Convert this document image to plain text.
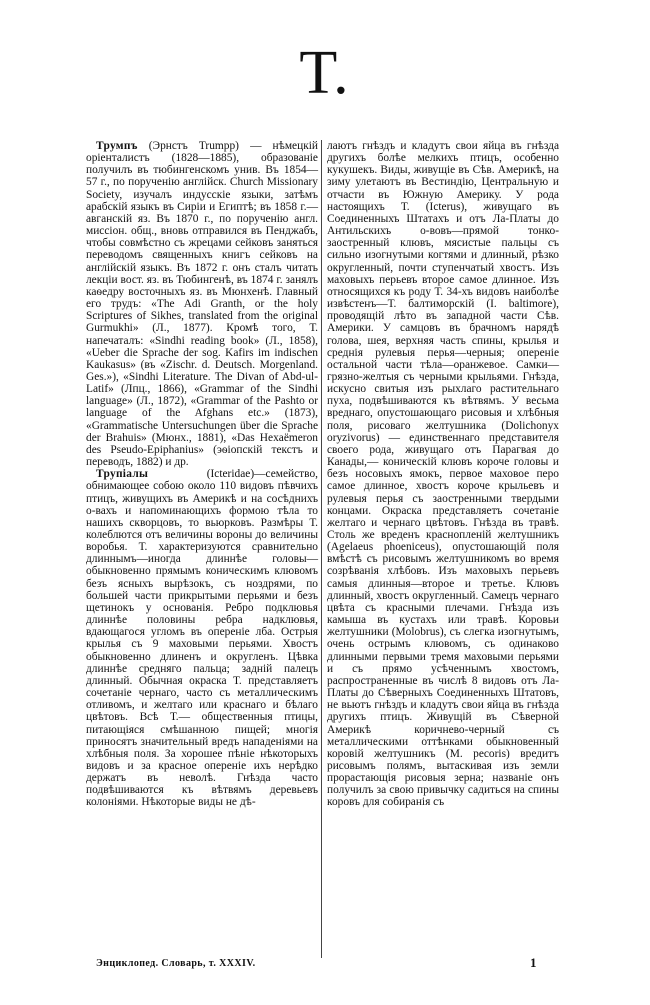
Т.

Трумпъ (Эрнстъ Trumpp) — нѣмецкій оріенталистъ (1828—1885), образованіе получилъ въ тюбингенскомъ унив. Въ 1854—57 г., по порученію англійск. Church Missionary Society, изучалъ индусскіе языки, затѣмъ арабскій языкъ въ Сиріи и Египтѣ; въ 1858 г.— авганскій яз. Въ 1870 г., по порученію англ. миссіон. общ., вновь отправился въ Пенджабъ, чтобы совмѣстно съ жрецами сейковъ заняться переводомъ священныхъ книгъ сейковъ на англійскій языкъ. Въ 1872 г. онъ сталъ читать лекціи вост. яз. въ Тюбингенѣ, въ 1874 г. занялъ каѳедру восточныхъ яз. въ Мюнхенѣ. Главный его трудъ: «The Adi Granth, or the holy Scriptures of Sikhes, translated from the original Gurmukhi» (Л., 1877). Кромѣ того, Т. напечаталъ: «Sindhi reading book» (Л., 1858), «Ueber die Sprache der sog. Kafirs im indischen Kaukasus» (въ «Zischr. d. Deutsch. Morgenland. Ges.»), «Sindhi Literature. The Divan of Abd-ul-Latif» (Лпц., 1866), «Grammar of the Sindhi language» (Л., 1872), «Grammar of the Pashto or language of the Afghans etc.» (1873), «Grammatische Untersuchungen über die Sprache der Brahuis» (Мюнх., 1881), «Das Hexaëmeron des Pseudo-Epiphanius» (эѳіопскій текстъ и переводъ, 1882) и др.

Трупіалы (Icteridae)—семейство, обнимающее собою около 110 видовъ пѣвчихъ птицъ, живущихъ въ Америкѣ и на сосѣднихъ о-вахъ и напоминающихъ формою тѣла то нашихъ скворцовъ, то вьюрковъ. Размѣры Т. колеблются отъ величины вороны до величины воробья. Т. характеризуются сравнительно длиннымъ—иногда длиннѣе головы— обыкновенно прямымъ коническимъ клювомъ безъ ясныхъ вырѣзокъ, съ ноздрями, по большей части прикрытыми перьями и безъ щетинокъ у основанія. Ребро подклювья длиннѣе половины ребра надклювья, вдающагося угломъ въ опереніе лба. Острыя крылья съ 9 маховыми перьями. Хвостъ обыкновенно длиненъ и округленъ. Цѣвка длиннѣе средняго пальца; задній палецъ длинный. Обычная окраска Т. представляетъ сочетаніе чернаго, часто съ металлическимъ отливомъ, и желтаго или краснаго и бѣлаго цвѣтовъ. Всѣ Т.— общественныя птицы, питающіяся смѣшанною пищей; многія приносятъ значительный вредъ нападеніями на хлѣбныя поля. За хорошее пѣніе нѣкоторыхъ видовъ и за красное опереніе ихъ нерѣдко держатъ въ неволѣ. Гнѣзда часто подвѣшиваются къ вѣтвямъ деревьевъ колоніями. Нѣкоторые виды не дѣ-

лаютъ гнѣздъ и кладутъ свои яйца въ гнѣзда другихъ болѣе мелкихъ птицъ, особенно кукушекъ. Виды, живущіе въ Сѣв. Америкѣ, на зиму улетаютъ въ Вестиндію, Центральную и отчасти въ Южную Америку. У рода настоящихъ Т. (Icterus), живущаго въ Соединенныхъ Штатахъ и отъ Ла-Платы до Антильскихъ о-вовъ—прямой тонко-заостренный клювъ, мясистые пальцы съ сильно изогнутыми когтями и длинный, рѣзко округленный, почти ступенчатый хвостъ. Изъ маховыхъ перьевъ второе самое длинное. Изъ относящихся къ роду Т. 34-хъ видовъ наиболѣе извѣстенъ—Т. балтиморскій (I. baltimore), проводящій лѣто въ западной части Сѣв. Америки. У самцовъ въ брачномъ нарядѣ голова, шея, верхняя часть спины, крылья и среднія рулевыя перья—черныя; опереніе остальной части тѣла—оранжевое. Самки—грязно-желтыя съ черными крыльями. Гнѣзда, искусно свитыя изъ рыхлаго растительнаго пуха, подвѣшиваются къ вѣтвямъ. У весьма вреднаго, опустошающаго рисовыя и хлѣбныя поля, рисоваго желтушника (Dolichonyx oryzivorus) — единственнаго представителя своего рода, живущаго отъ Парагвая до Канады,— коническій клювъ короче головы и безъ носовыхъ ямокъ, первое маховое перо самое длинное, хвостъ короче крыльевъ и рулевыя перья съ заостренными твердыми концами. Окраска представляетъ сочетаніе желтаго и чернаго цвѣтовъ. Гнѣзда въ травѣ. Столь же вреденъ краснопленій желтушникъ (Agelaeus phoeniceus), опустошающій поля вмѣстѣ съ рисовымъ желтушникомъ во время созрѣванія хлѣбовъ. Изъ маховыхъ перьевъ самыя длинныя—второе и третье. Клювъ длинный, хвостъ округленный. Самецъ чернаго цвѣта съ красными плечами. Гнѣзда изъ камыша въ кустахъ или травѣ. Коровьи желтушники (Molobrus), съ слегка изогнутымъ, очень острымъ клювомъ, съ одинаково длинными первыми тремя маховыми перьями и съ прямо усѣченнымъ хвостомъ, распространенные въ числѣ 8 видовъ отъ Ла-Платы до Сѣверныхъ Соединенныхъ Штатовъ, не вьютъ гнѣздъ и кладутъ свои яйца въ гнѣзда другихъ птицъ. Живущій въ Сѣверной Америкѣ коричнево-черный съ металлическими оттѣнками обыкновенный коровій желтушникъ (M. pecoris) вредитъ рисовымъ полямъ, вытаскивая изъ земли прорастающія рисовыя зерна; названіе онъ получилъ за свою привычку садиться на спины коровъ для собиранія съ

Энциклопед. Словарь, т. XXXIV.	1
